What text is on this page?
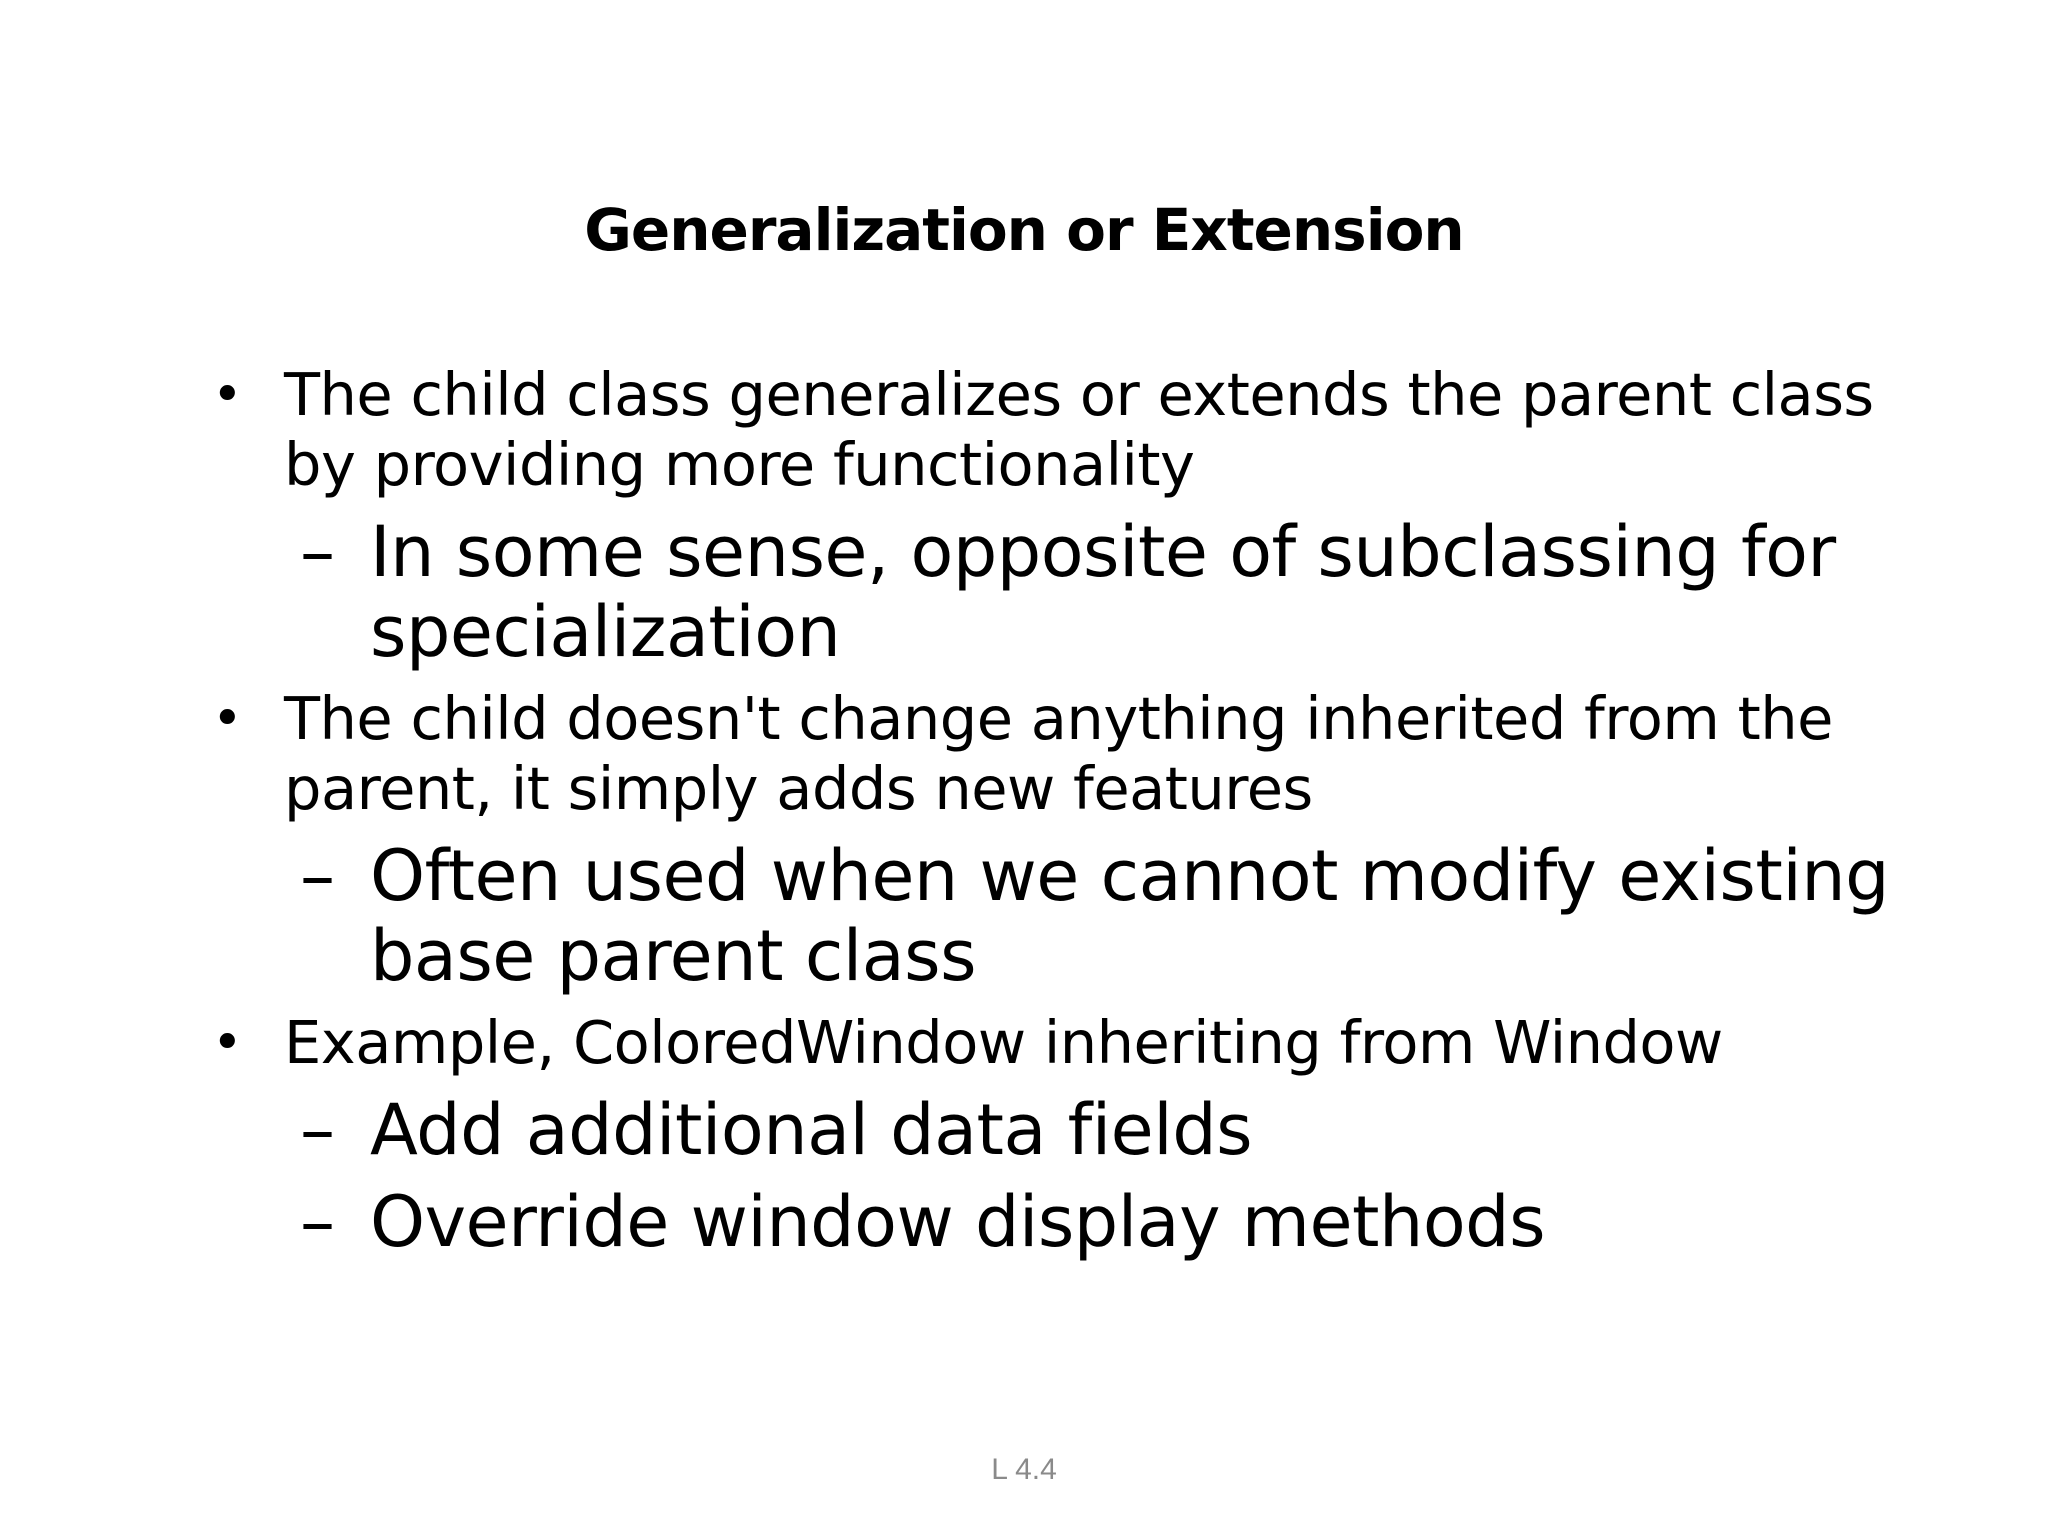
Generalization or Extension
• The child class generalizes or extends the parent class by providing more functionality
– In some sense, opposite of subclassing for specialization
• The child doesn't change anything inherited from the parent, it simply adds new features
– Often used when we cannot modify existing base parent class
• Example, ColoredWindow inheriting from Window
– Add additional data fields
– Override window display methods
L 4.4
